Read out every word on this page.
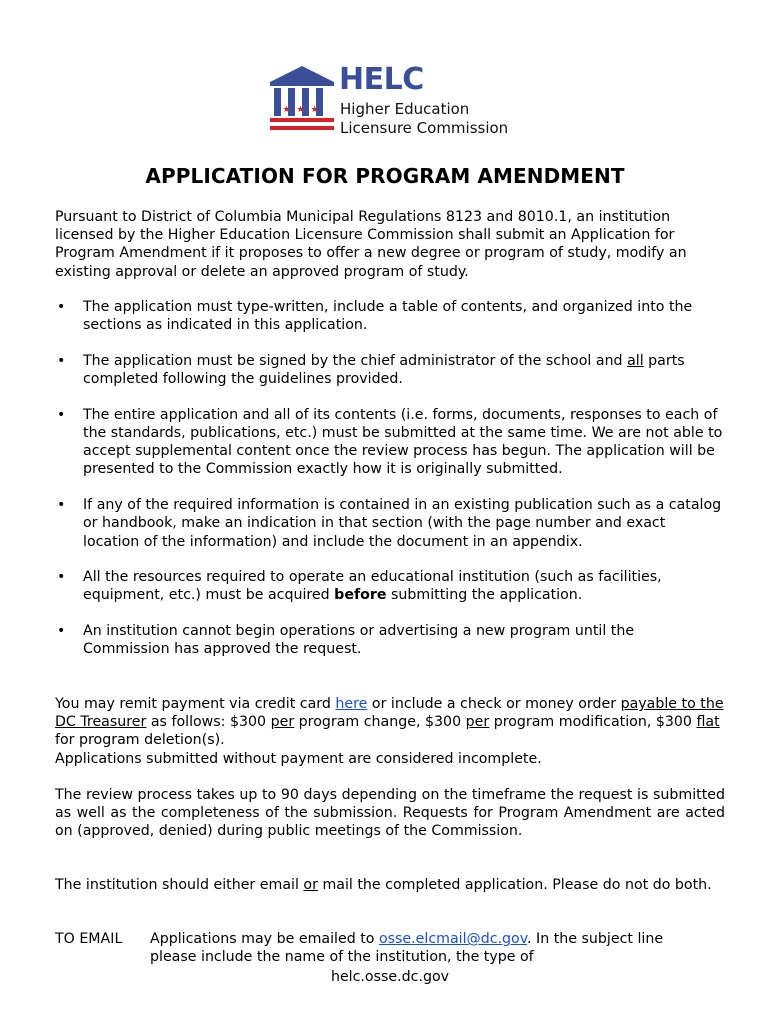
★ ★ ★
HELC
Higher Education
Licensure Commission
APPLICATION FOR PROGRAM AMENDMENT
Pursuant to District of Columbia Municipal Regulations 8123 and 8010.1, an institution licensed by the Higher Education Licensure Commission shall submit an Application for Program Amendment if it proposes to offer a new degree or program of study, modify an existing approval or delete an approved program of study.
• The application must type-written, include a table of contents, and organized into the sections as indicated in this application.
• The application must be signed by the chief administrator of the school and all parts completed following the guidelines provided.
• The entire application and all of its contents (i.e. forms, documents, responses to each of the standards, publications, etc.) must be submitted at the same time. We are not able to accept supplemental content once the review process has begun. The application will be presented to the Commission exactly how it is originally submitted.
• If any of the required information is contained in an existing publication such as a catalog or handbook, make an indication in that section (with the page number and exact location of the information) and include the document in an appendix.
• All the resources required to operate an educational institution (such as facilities, equipment, etc.) must be acquired before submitting the application.
• An institution cannot begin operations or advertising a new program until the Commission has approved the request.
You may remit payment via credit card here or include a check or money order payable to the DC Treasurer as follows: $300 per program change, $300 per program modification, $300 flat for program deletion(s).
Applications submitted without payment are considered incomplete.
The review process takes up to 90 days depending on the timeframe the request is submitted as well as the completeness of the submission. Requests for Program Amendment are acted on (approved, denied) during public meetings of the Commission.
The institution should either email or mail the completed application. Please do not do both.
TO EMAIL Applications may be emailed to osse.elcmail@dc.gov. In the subject line please include the name of the institution, the type of
helc.osse.dc.gov
